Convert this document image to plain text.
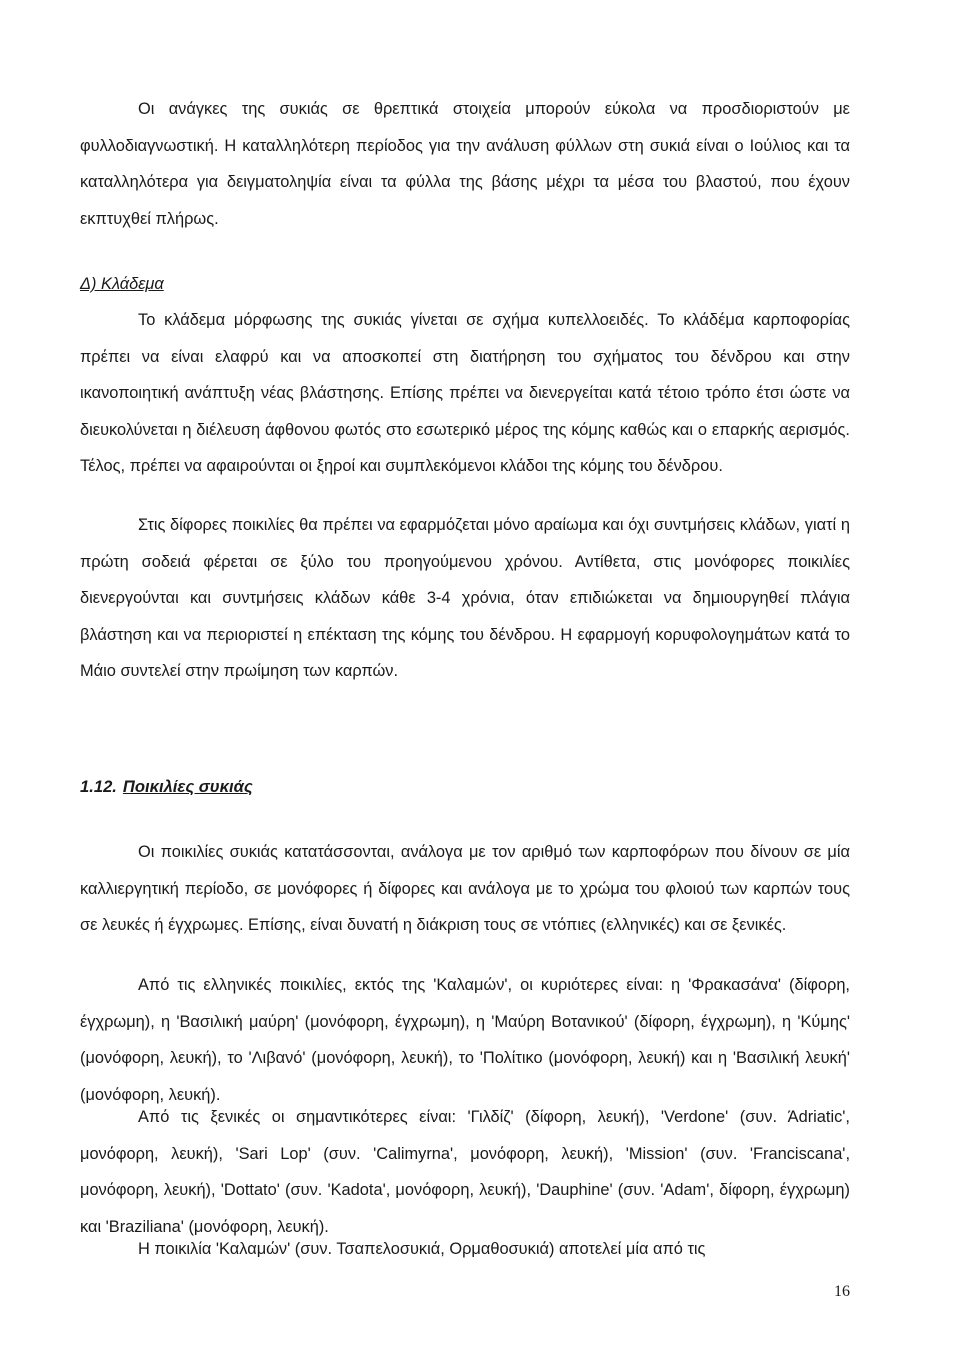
Οι ανάγκες της συκιάς σε θρεπτικά στοιχεία μπορούν εύκολα να προσδιοριστούν με φυλλοδιαγνωστική. Η καταλληλότερη περίοδος για την ανάλυση φύλλων στη συκιά είναι ο Ιούλιος και τα καταλληλότερα για δειγματοληψία είναι τα φύλλα της βάσης μέχρι τα μέσα του βλαστού, που έχουν εκπτυχθεί πλήρως.

Δ) Κλάδεμα

Το κλάδεμα μόρφωσης της συκιάς γίνεται σε σχήμα κυπελλοειδές. Το κλάδέμα καρποφορίας πρέπει να είναι ελαφρύ και να αποσκοπεί στη διατήρηση του σχήματος του δένδρου και στην ικανοποιητική ανάπτυξη νέας βλάστησης. Επίσης πρέπει να διενεργείται κατά τέτοιο τρόπο έτσι ώστε να διευκολύνεται η διέλευση άφθονου φωτός στο εσωτερικό μέρος της κόμης καθώς και ο επαρκής αερισμός. Τέλος, πρέπει να αφαιρούνται οι ξηροί και συμπλεκόμενοι κλάδοι της κόμης του δένδρου.

Στις δίφορες ποικιλίες θα πρέπει να εφαρμόζεται μόνο αραίωμα και όχι συντμήσεις κλάδων, γιατί η πρώτη σοδειά φέρεται σε ξύλο του προηγούμενου χρόνου. Αντίθετα, στις μονόφορες ποικιλίες διενεργούνται και συντμήσεις κλάδων κάθε 3-4 χρόνια, όταν επιδιώκεται να δημιουργηθεί πλάγια βλάστηση και να περιοριστεί η επέκταση της κόμης του δένδρου. Η εφαρμογή κορυφολογημάτων κατά το Μάιο συντελεί στην πρωίμηση των καρπών.

1.12. Ποικιλίες συκιάς

Οι ποικιλίες συκιάς κατατάσσονται, ανάλογα με τον αριθμό των καρποφόρων που δίνουν σε μία καλλιεργητική περίοδο, σε μονόφορες ή δίφορες και ανάλογα με το χρώμα του φλοιού των καρπών τους σε λευκές ή έγχρωμες. Επίσης, είναι δυνατή η διάκριση τους σε ντόπιες (ελληνικές) και σε ξενικές.

Από τις ελληνικές ποικιλίες, εκτός της 'Καλαμών', οι κυριότερες είναι: η 'Φρακασάνα' (δίφορη, έγχρωμη), η 'Βασιλική μαύρη' (μονόφορη, έγχρωμη), η 'Μαύρη Βοτανικού' (δίφορη, έγχρωμη), η 'Κύμης' (μονόφορη, λευκή), το 'Λιβανό' (μονόφορη, λευκή), το 'Πολίτικο (μονόφορη, λευκή) και η 'Βασιλική λευκή' (μονόφορη, λευκή).

Από τις ξενικές οι σημαντικότερες είναι: 'Γιλδίζ' (δίφορη, λευκή), 'Verdone' (συν. Άdriatic', μονόφορη, λευκή), 'Sari Lop' (συν. 'Calimyrna', μονόφορη, λευκή), 'Mission' (συν. 'Franciscana', μονόφορη, λευκή), 'Dottato' (συν. 'Kadota', μονόφορη, λευκή), 'Dauphine' (συν. 'Adam', δίφορη, έγχρωμη) και 'Braziliana' (μονόφορη, λευκή).

Η ποικιλία 'Καλαμών' (συν. Τσαπελοσυκιά, Ορμαθοσυκιά) αποτελεί μία από τις

16
